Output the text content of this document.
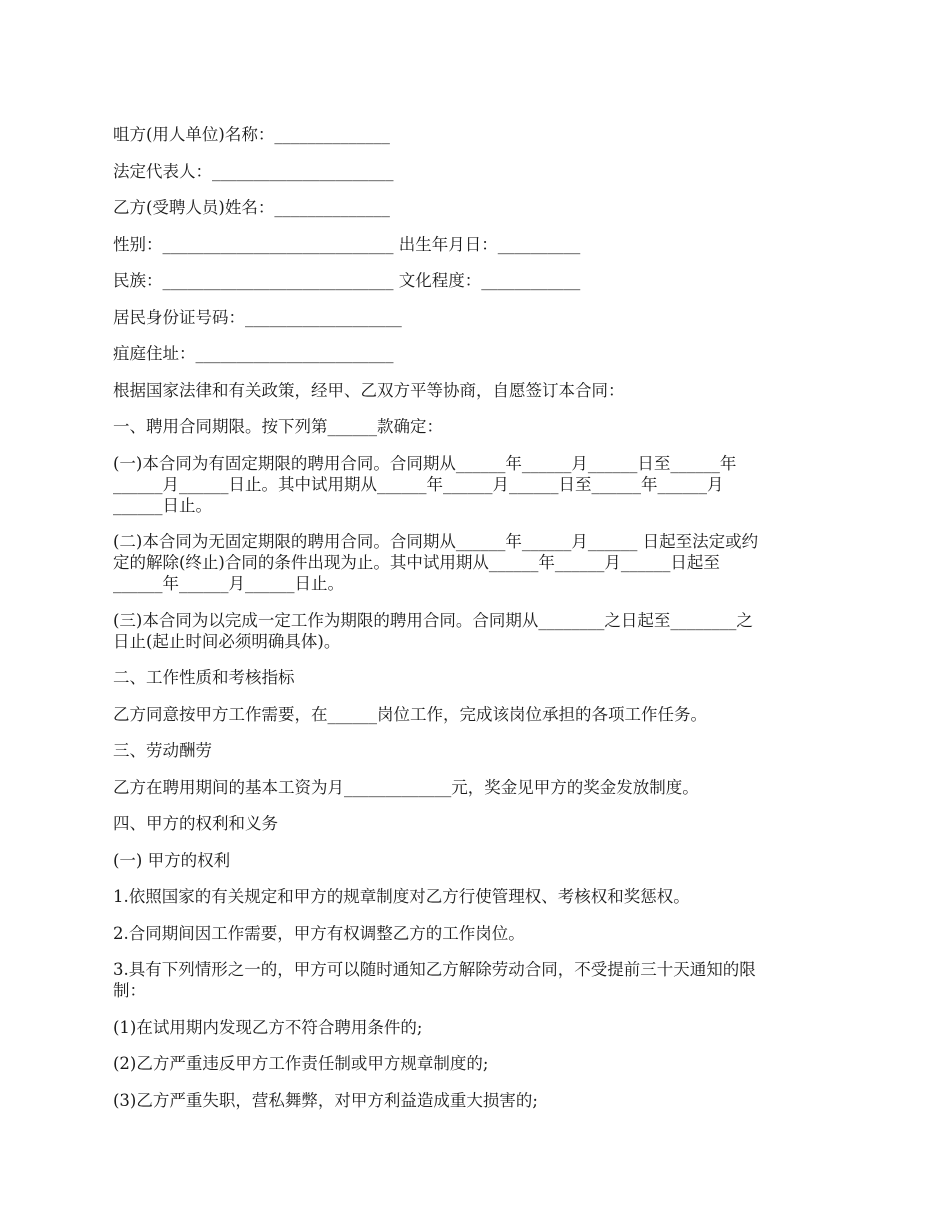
咀方(用人单位)名称：______________

法定代表人：______________________

乙方(受聘人员)姓名：______________

性别：____________________________ 出生年月日：__________

民族：____________________________ 文化程度：____________

居民身份证号码：___________________

疽庭住址：________________________

根据国家法律和有关政策，经甲、乙双方平等协商，自愿签订本合同：

一、聘用合同期限。按下列第______款确定：

(一)本合同为有固定期限的聘用合同。合同期从______年______月______日至______年
______月______日止。其中试用期从______年______月______日至______年______月
______日止。

(二)本合同为无固定期限的聘用合同。合同期从______年______月______ 日起至法定或约
定的解除(终止)合同的条件出现为止。其中试用期从______年______月______日起至
______年______月______日止。

(三)本合同为以完成一定工作为期限的聘用合同。合同期从________之日起至________之
日止(起止时间必须明确具体)。

二、工作性质和考核指标

乙方同意按甲方工作需要，在______岗位工作，完成该岗位承担的各项工作任务。

三、劳动酬劳

乙方在聘用期间的基本工资为月_____________元，奖金见甲方的奖金发放制度。

四、甲方的权利和义务

(一) 甲方的权利

1.依照国家的有关规定和甲方的规章制度对乙方行使管理权、考核权和奖惩权。

2.合同期间因工作需要，甲方有权调整乙方的工作岗位。

3.具有下列情形之一的，甲方可以随时通知乙方解除劳动合同，不受提前三十天通知的限
制：

(1)在试用期内发现乙方不符合聘用条件的;

(2)乙方严重违反甲方工作责任制或甲方规章制度的;

(3)乙方严重失职，营私舞弊，对甲方利益造成重大损害的;
